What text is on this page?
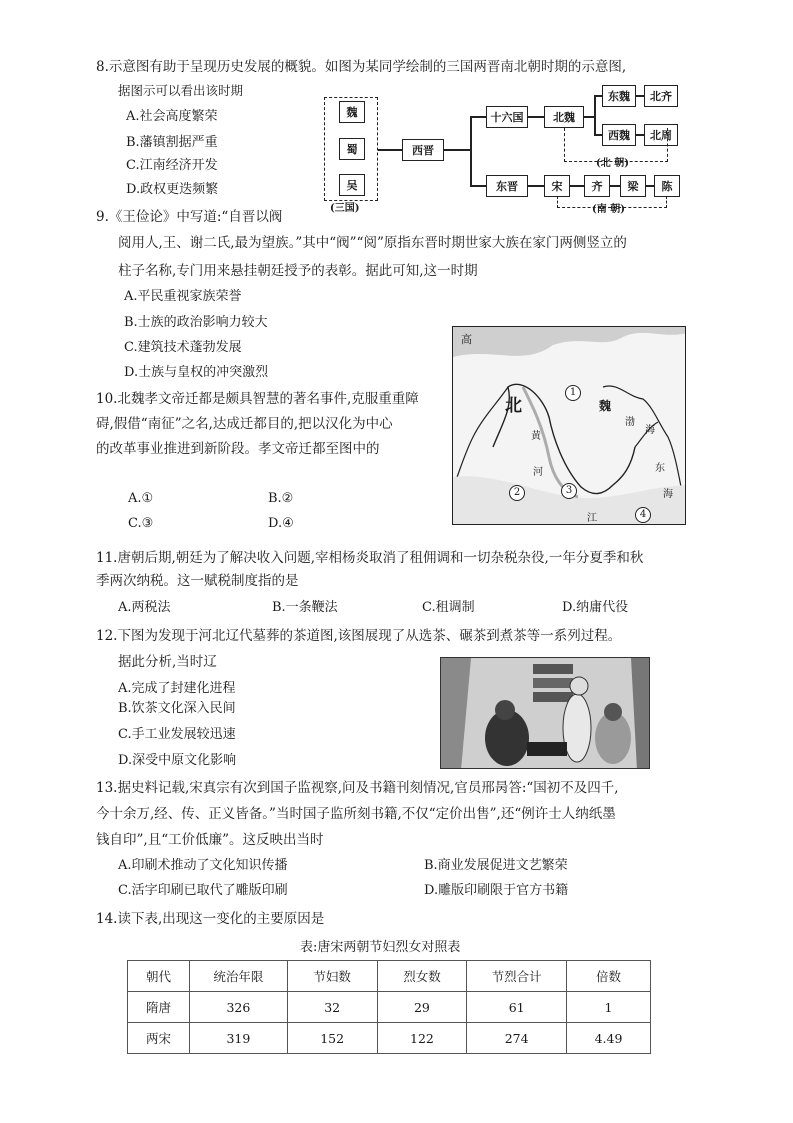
8.示意图有助于呈现历史发展的概貌。如图为某同学绘制的三国两晋南北朝时期的示意图,
据图示可以看出该时期
A.社会高度繁荣
B.藩镇割据严重
C.江南经济开发
D.政权更迭频繁
魏
蜀
吴
(三国)
西晋
十六国	北魏
东魏	北齐
西魏	北周
(北 朝)
东晋	宋	齐	梁	陈
(南 朝)
9.《王俭论》中写道:“自晋以阀
阅用人,王、谢二氏,最为望族。”其中“阀”“阅”原指东晋时期世家大族在家门两侧竖立的
柱子名称,专门用来悬挂朝廷授予的表彰。据此可知,这一时期
A.平民重视家族荣誉
B.士族的政治影响力较大
C.建筑技术蓬勃发展
D.士族与皇权的冲突激烈
高
北	魏
黄
河
渤
海
东
海
江
1
2	3
4
10.北魏孝文帝迁都是颇具智慧的著名事件,克服重重障
碍,假借“南征”之名,达成迁都目的,把以汉化为中心
的改革事业推进到新阶段。孝文帝迁都至图中的
A.①	B.②
C.③	D.④
11.唐朝后期,朝廷为了解决收入问题,宰相杨炎取消了租佣调和一切杂税杂役,一年分夏季和秋
季两次纳税。这一赋税制度指的是
A.两税法	B.一条鞭法	C.租调制	D.纳庸代役
12.下图为发现于河北辽代墓葬的茶道图,该图展现了从选茶、碾茶到煮茶等一系列过程。
据此分析,当时辽
A.完成了封建化进程
B.饮茶文化深入民间
C.手工业发展较迅速
D.深受中原文化影响
13.据史料记载,宋真宗有次到国子监视察,问及书籍刊刻情况,官员邢昺答:“国初不及四千,
今十余万,经、传、正义皆备。”当时国子监所刻书籍,不仅“定价出售”,还“例许士人纳纸墨
钱自印”,且“工价低廉”。这反映出当时
A.印刷术推动了文化知识传播	B.商业发展促进文艺繁荣
C.活字印刷已取代了雕版印刷	D.雕版印刷限于官方书籍
14.读下表,出现这一变化的主要原因是
表:唐宋两朝节妇烈女对照表
朝代	统治年限	节妇数	烈女数	节烈合计	倍数
隋唐	326	32	29	61	1
两宋	319	152	122	274	4.49
